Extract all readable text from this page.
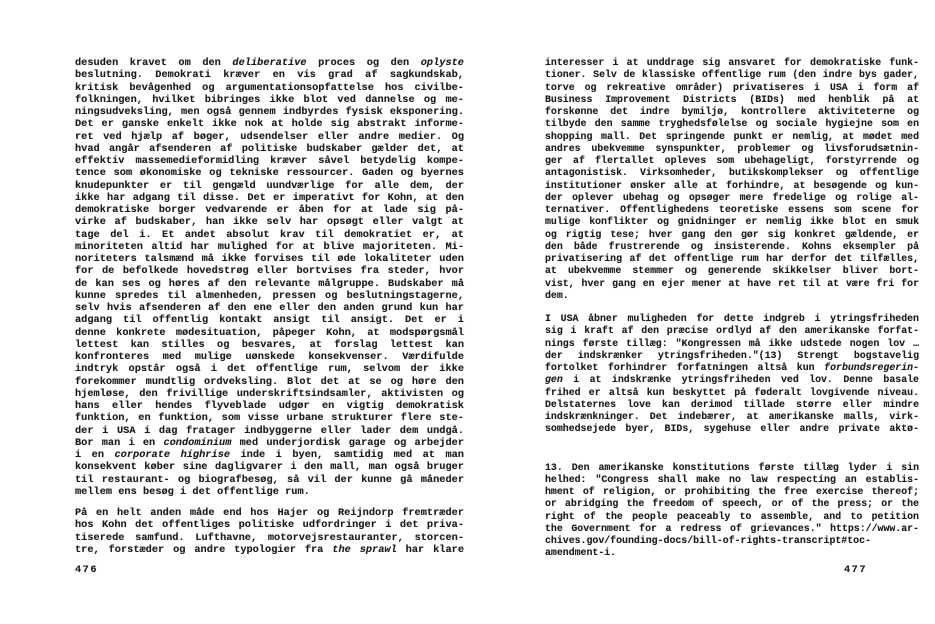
desuden kravet om den deliberative proces og den oplyste
beslutning. Demokrati kræver en vis grad af sagkundskab,
kritisk bevågenhed og argumentationsopfattelse hos civilbe-
folkningen, hvilket bibringes ikke blot ved dannelse og me-
ningsudveksling, men også gennem indbyrdes fysisk eksponering.
Det er ganske enkelt ikke nok at holde sig abstrakt informe-
ret ved hjælp af bøger, udsendelser eller andre medier. Og
hvad angår afsenderen af politiske budskaber gælder det, at
effektiv massemedieformidling kræver såvel betydelig kompe-
tence som økonomiske og tekniske ressourcer. Gaden og byernes
knudepunkter er til gengæld uundværlige for alle dem, der
ikke har adgang til disse. Det er imperativt for Kohn, at den
demokratiske borger vedvarende er åben for at lade sig på-
virke af budskaber, han ikke selv har opsøgt eller valgt at
tage del i. Et andet absolut krav til demokratiet er, at
minoriteten altid har mulighed for at blive majoriteten. Mi-
noriteters talsmænd må ikke forvises til øde lokaliteter uden
for de befolkede hovedstrøg eller bortvises fra steder, hvor
de kan ses og høres af den relevante målgruppe. Budskaber må
kunne spredes til almenheden, pressen og beslutningstagerne,
selv hvis afsenderen af den ene eller den anden grund kun har
adgang til offentlig kontakt ansigt til ansigt. Det er i
denne konkrete mødesituation, påpeger Kohn, at modspørgsmål
lettest kan stilles og besvares, at forslag lettest kan
konfronteres med mulige uønskede konsekvenser. Værdifulde
indtryk opstår også i det offentlige rum, selvom der ikke
forekommer mundtlig ordveksling. Blot det at se og høre den
hjemløse, den frivillige underskriftsindsamler, aktivisten og
hans eller hendes flyveblade udgør en vigtig demokratisk
funktion, en funktion, som visse urbane strukturer flere ste-
der i USA i dag fratager indbyggerne eller lader dem undgå.
Bor man i en condominium med underjordisk garage og arbejder
i en corporate highrise inde i byen, samtidig med at man
konsekvent køber sine dagligvarer i den mall, man også bruger
til restaurant- og biografbesøg, så vil der kunne gå måneder
mellem ens besøg i det offentlige rum.
På en helt anden måde end hos Hajer og Reijndorp fremtræder
hos Kohn det offentliges politiske udfordringer i det priva-
tiserede samfund. Lufthavne, motorvejsrestauranter, storcen-
tre, forstæder og andre typologier fra the sprawl har klare
interesser i at unddrage sig ansvaret for demokratiske funk-
tioner. Selv de klassiske offentlige rum (den indre bys gader,
torve og rekreative områder) privatiseres i USA i form af
Business Improvement Districts (BIDs) med henblik på at
forskønne det indre bymiljø, kontrollere aktiviteterne og
tilbyde den samme tryghedsfølelse og sociale hygiejne som en
shopping mall. Det springende punkt er nemlig, at mødet med
andres ubekvemme synspunkter, problemer og livsforudsætnin-
ger af flertallet opleves som ubehageligt, forstyrrende og
antagonistisk. Virksomheder, butikskomplekser og offentlige
institutioner ønsker alle at forhindre, at besøgende og kun-
der oplever ubehag og opsøger mere fredelige og rolige al-
ternativer. Offentlighedens teoretiske essens som scene for
mulige konflikter og gnidninger er nemlig ikke blot en smuk
og rigtig tese; hver gang den gør sig konkret gældende, er
den både frustrerende og insisterende. Kohns eksempler på
privatisering af det offentlige rum har derfor det tilfælles,
at ubekvemme stemmer og generende skikkelser bliver bort-
vist, hver gang en ejer mener at have ret til at være fri for
dem.
I USA åbner muligheden for dette indgreb i ytringsfriheden
sig i kraft af den præcise ordlyd af den amerikanske forfat-
nings første tillæg: "Kongressen må ikke udstede nogen lov …
der indskrænker ytringsfriheden."(13) Strengt bogstavelig
fortolket forhindrer forfatningen altså kun forbundsregerin-
gen i at indskrænke ytringsfriheden ved lov. Denne basale
frihed er altså kun beskyttet på føderalt lovgivende niveau.
Delstaternes love kan derimod tillade større eller mindre
indskrænkninger. Det indebærer, at amerikanske malls, virk-
somhedsejede byer, BIDs, sygehuse eller andre private aktø-
13. Den amerikanske konstitutions første tillæg lyder i sin
helhed: "Congress shall make no law respecting an establis-
hment of religion, or prohibiting the free exercise thereof;
or abridging the freedom of speech, or of the press; or the
right of the people peaceably to assemble, and to petition
the Government for a redress of grievances." https://www.ar-
chives.gov/founding-docs/bill-of-rights-transcript#toc-
amendment-i.
476	477
